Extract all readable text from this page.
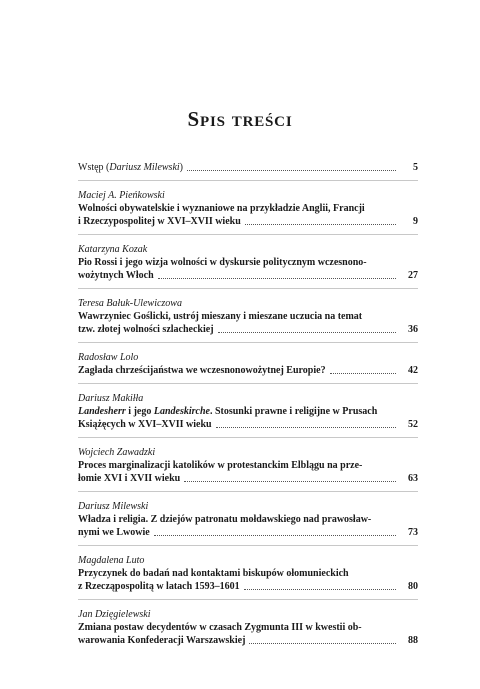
Spis treści
Wstęp (Dariusz Milewski)	5
Maciej A. Pieńkowski
Wolności obywatelskie i wyznaniowe na przykładzie Anglii, Francji
i Rzeczypospolitej w XVI–XVII wieku	9
Katarzyna Kozak
Pio Rossi i jego wizja wolności w dyskursie politycznym wczesnono-
wożytnych Włoch	27
Teresa Bałuk-Ulewiczowa
Wawrzyniec Goślicki, ustrój mieszany i mieszane uczucia na temat
tzw. złotej wolności szlacheckiej	36
Radosław Lolo
Zagłada chrześcijaństwa we wczesnonowożytnej Europie?	42
Dariusz Makiłła
Landesherr i jego Landeskirche. Stosunki prawne i religijne w Prusach
Książęcych w XVI–XVII wieku	52
Wojciech Zawadzki
Proces marginalizacji katolików w protestanckim Elblągu na prze-
łomie XVI i XVII wieku	63
Dariusz Milewski
Władza i religia. Z dziejów patronatu mołdawskiego nad prawosław-
nymi we Lwowie	73
Magdalena Luto
Przyczynek do badań nad kontaktami biskupów ołomunieckich
z Rzecząpospolitą w latach 1593–1601	80
Jan Dzięgielewski
Zmiana postaw decydentów w czasach Zygmunta III w kwestii ob-
warowania Konfederacji Warszawskiej	88
